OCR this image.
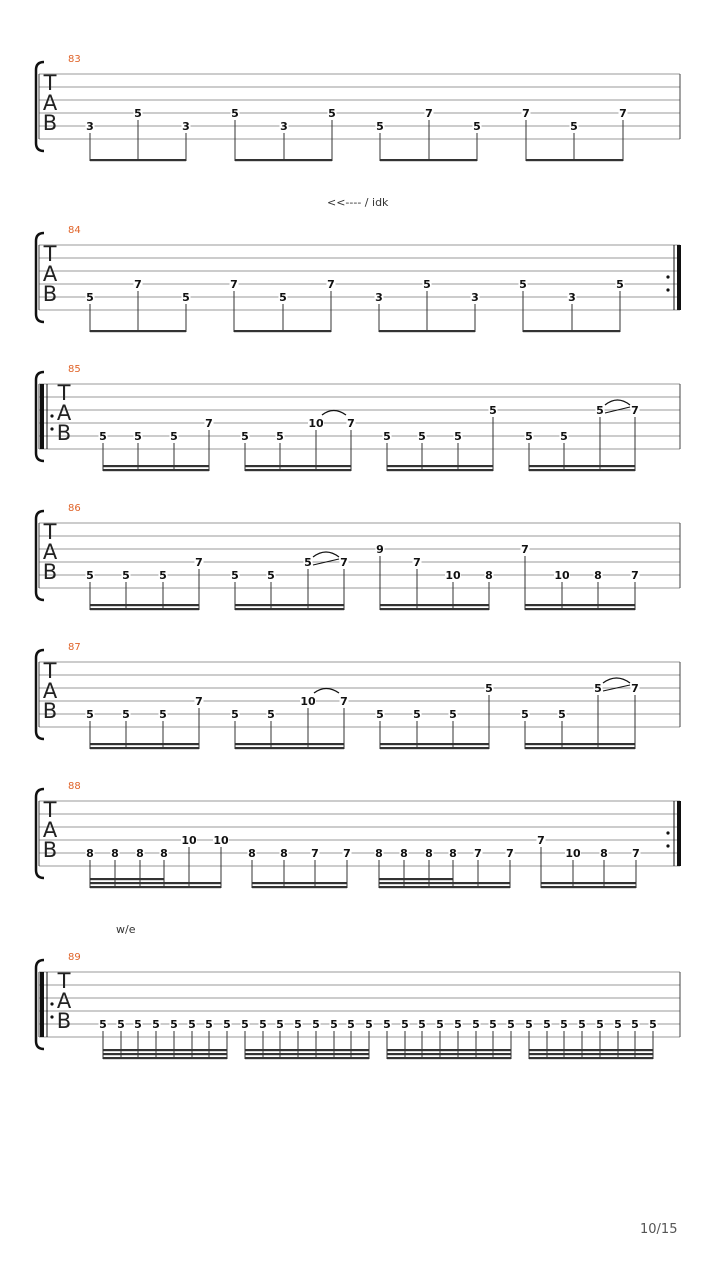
<<---- / idk
w/e
83
T
A
B	3
5
3
5
3
5
5
7
5
7
5
7
84
T
A
B	5
7
5
7
5
7
3
5
3
5
3
5
85
T
A
B	5 5	5
7
5 5
10 7
5 5	5
5
5 5
5 7
86
T
A
B	5	5	5
7
5	5
5	7
9
7
10 8
7
10 8	7
87
T
A
B	5	5	5
7
5	5
10 7
5	5	5
5
5	5
5	7
88
T
A
B	8 8 8 8
10 10
8 8 7 7 8 8 8 8 7 7
7
10 8 7
89
T
A
B	5 5 5 5 5 5 5 5 5 5 5 5 5 5 5 5 5 5 5 5 5 5 5 5 5 5 5 5 5 5 5 5
10/15
